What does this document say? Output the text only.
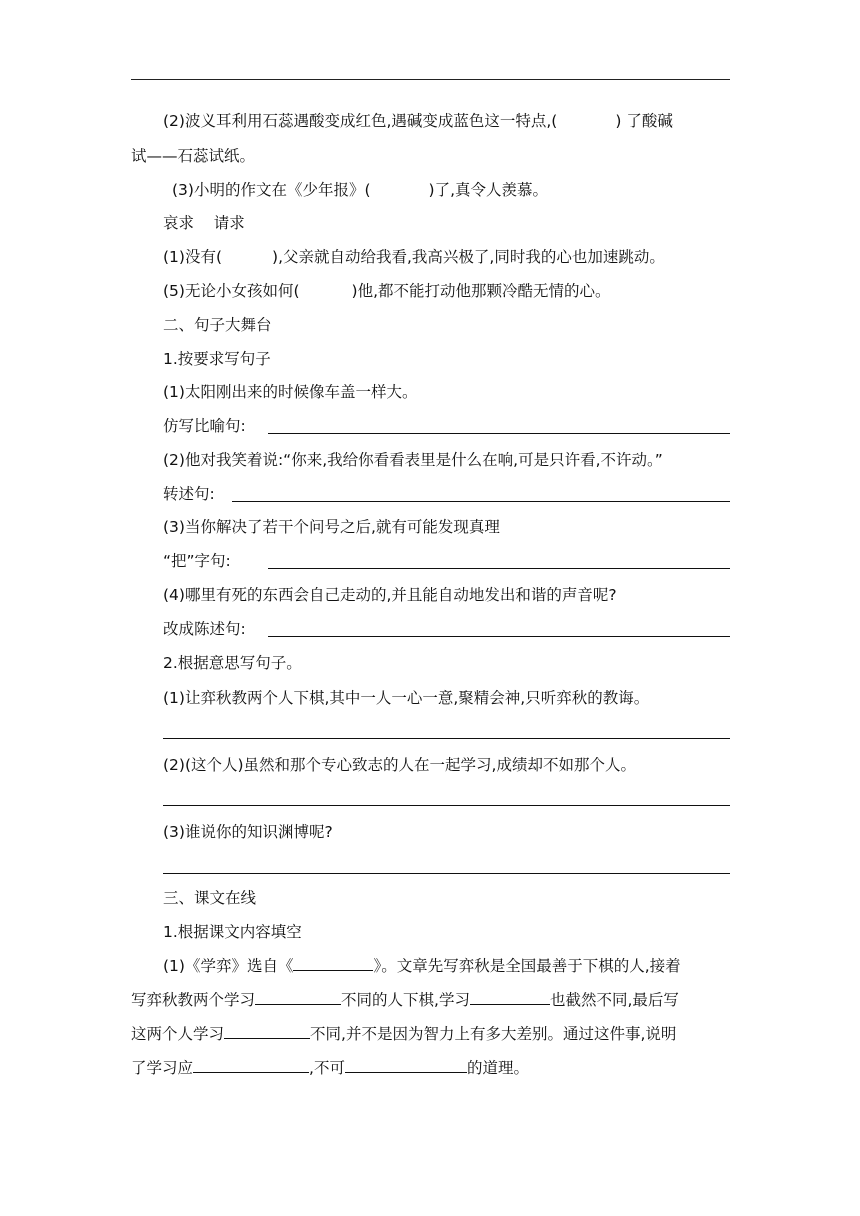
(2)波义耳利用石蕊遇酸变成红色,遇碱变成蓝色这一特点,(	) 了酸碱
试——石蕊试纸。
(3)小明的作文在《少年报》(	)了,真令人羡慕。
哀求    请求
(1)没有(	),父亲就自动给我看,我高兴极了,同时我的心也加速跳动。
(5)无论小女孩如何(	)他,都不能打动他那颗冷酷无情的心。
二、句子大舞台
1.按要求写句子
(1)太阳刚出来的时候像车盖一样大。
仿写比喻句:
(2)他对我笑着说:“你来,我给你看看表里是什么在响,可是只许看,不许动。”
转述句:
(3)当你解决了若干个问号之后,就有可能发现真理
“把”字句:
(4)哪里有死的东西会自己走动的,并且能自动地发出和谐的声音呢?
改成陈述句:
2.根据意思写句子。
(1)让弈秋教两个人下棋,其中一人一心一意,聚精会神,只听弈秋的教诲。
(2)(这个人)虽然和那个专心致志的人在一起学习,成绩却不如那个人。
(3)谁说你的知识渊博呢?
三、课文在线
1.根据课文内容填空
(1)《学弈》选自《	》。文章先写弈秋是全国最善于下棋的人,接着
写弈秋教两个学习	不同的人下棋,学习	也截然不同,最后写
这两个人学习	不同,并不是因为智力上有多大差别。通过这件事,说明
了学习应	,不可	的道理。
